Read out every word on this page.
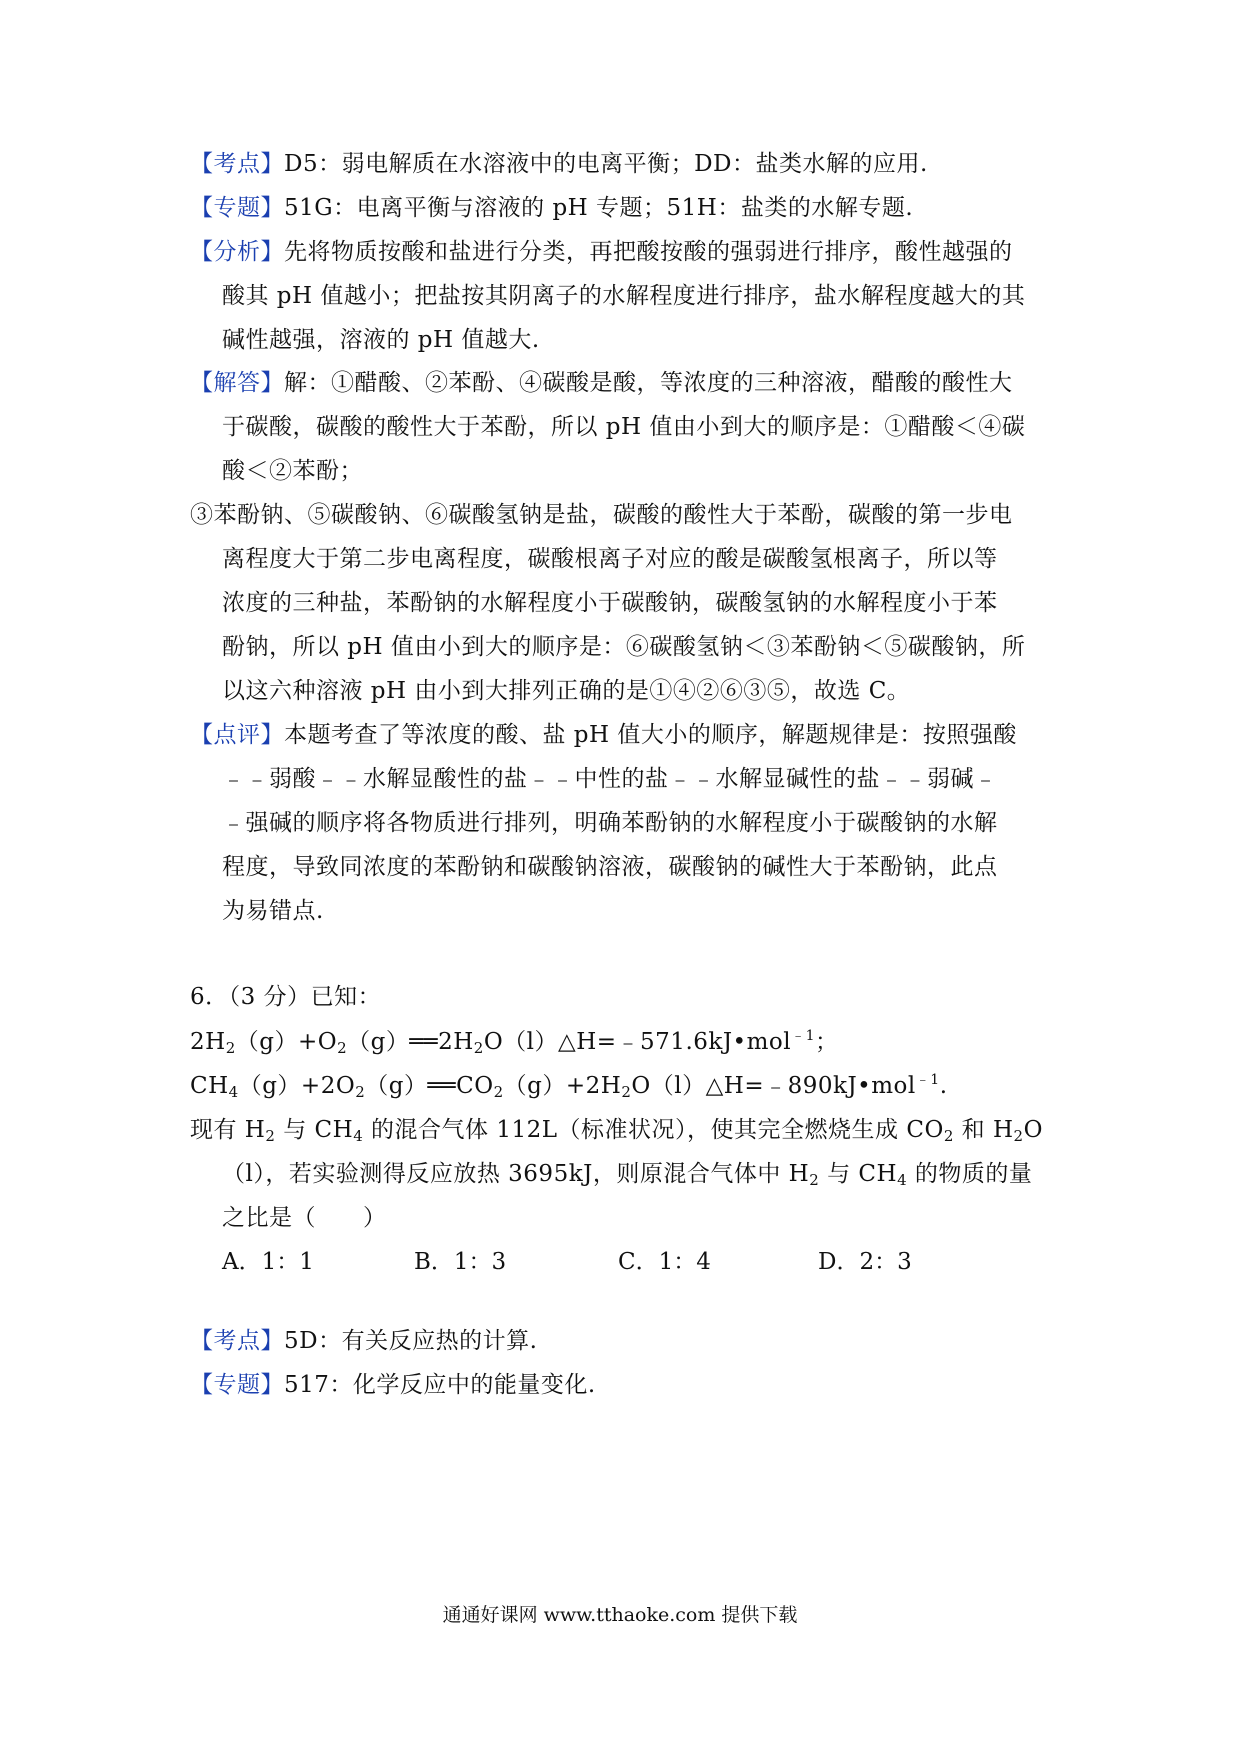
【考点】D5：弱电解质在水溶液中的电离平衡；DD：盐类水解的应用.
【专题】51G：电离平衡与溶液的 pH 专题；51H：盐类的水解专题.
【分析】先将物质按酸和盐进行分类，再把酸按酸的强弱进行排序，酸性越强的
酸其 pH 值越小；把盐按其阴离子的水解程度进行排序，盐水解程度越大的其
碱性越强，溶液的 pH 值越大.
【解答】解：①醋酸、②苯酚、④碳酸是酸，等浓度的三种溶液，醋酸的酸性大
于碳酸，碳酸的酸性大于苯酚，所以 pH 值由小到大的顺序是：①醋酸＜④碳
酸＜②苯酚；
③苯酚钠、⑤碳酸钠、⑥碳酸氢钠是盐，碳酸的酸性大于苯酚，碳酸的第一步电
离程度大于第二步电离程度，碳酸根离子对应的酸是碳酸氢根离子，所以等
浓度的三种盐，苯酚钠的水解程度小于碳酸钠，碳酸氢钠的水解程度小于苯
酚钠，所以 pH 值由小到大的顺序是：⑥碳酸氢钠＜③苯酚钠＜⑤碳酸钠，所
以这六种溶液 pH 由小到大排列正确的是①④②⑥③⑤，故选 C。
【点评】本题考查了等浓度的酸、盐 pH 值大小的顺序，解题规律是：按照强酸
﹣﹣弱酸﹣﹣水解显酸性的盐﹣﹣中性的盐﹣﹣水解显碱性的盐﹣﹣弱碱﹣
﹣强碱的顺序将各物质进行排列，明确苯酚钠的水解程度小于碳酸钠的水解
程度，导致同浓度的苯酚钠和碳酸钠溶液，碳酸钠的碱性大于苯酚钠，此点
为易错点.
6．（3 分）已知：
$2H_2(g)+O_2(g)══2H_2O(l)\triangle H=﹣571.6kJ•mol^{﹣1}$；
$CH_4(g)+2O_2(g)══CO_2(g)+2H_2O(l)\triangle H=﹣890kJ•mol^{﹣1}$.
现有 $H_2$ 与 $CH_4$ 的混合气体 112L（标准状况），使其完全燃烧生成 $CO_2$ 和 $H_2O$
（l），若实验测得反应放热 3695kJ，则原混合气体中 $H_2$ 与 $CH_4$ 的物质的量
之比是（　　）
A．1：1	B．1：3	C．1：4	D．2：3
【考点】5D：有关反应热的计算.
【专题】517：化学反应中的能量变化.
通通好课网 www.tthaoke.com 提供下载
